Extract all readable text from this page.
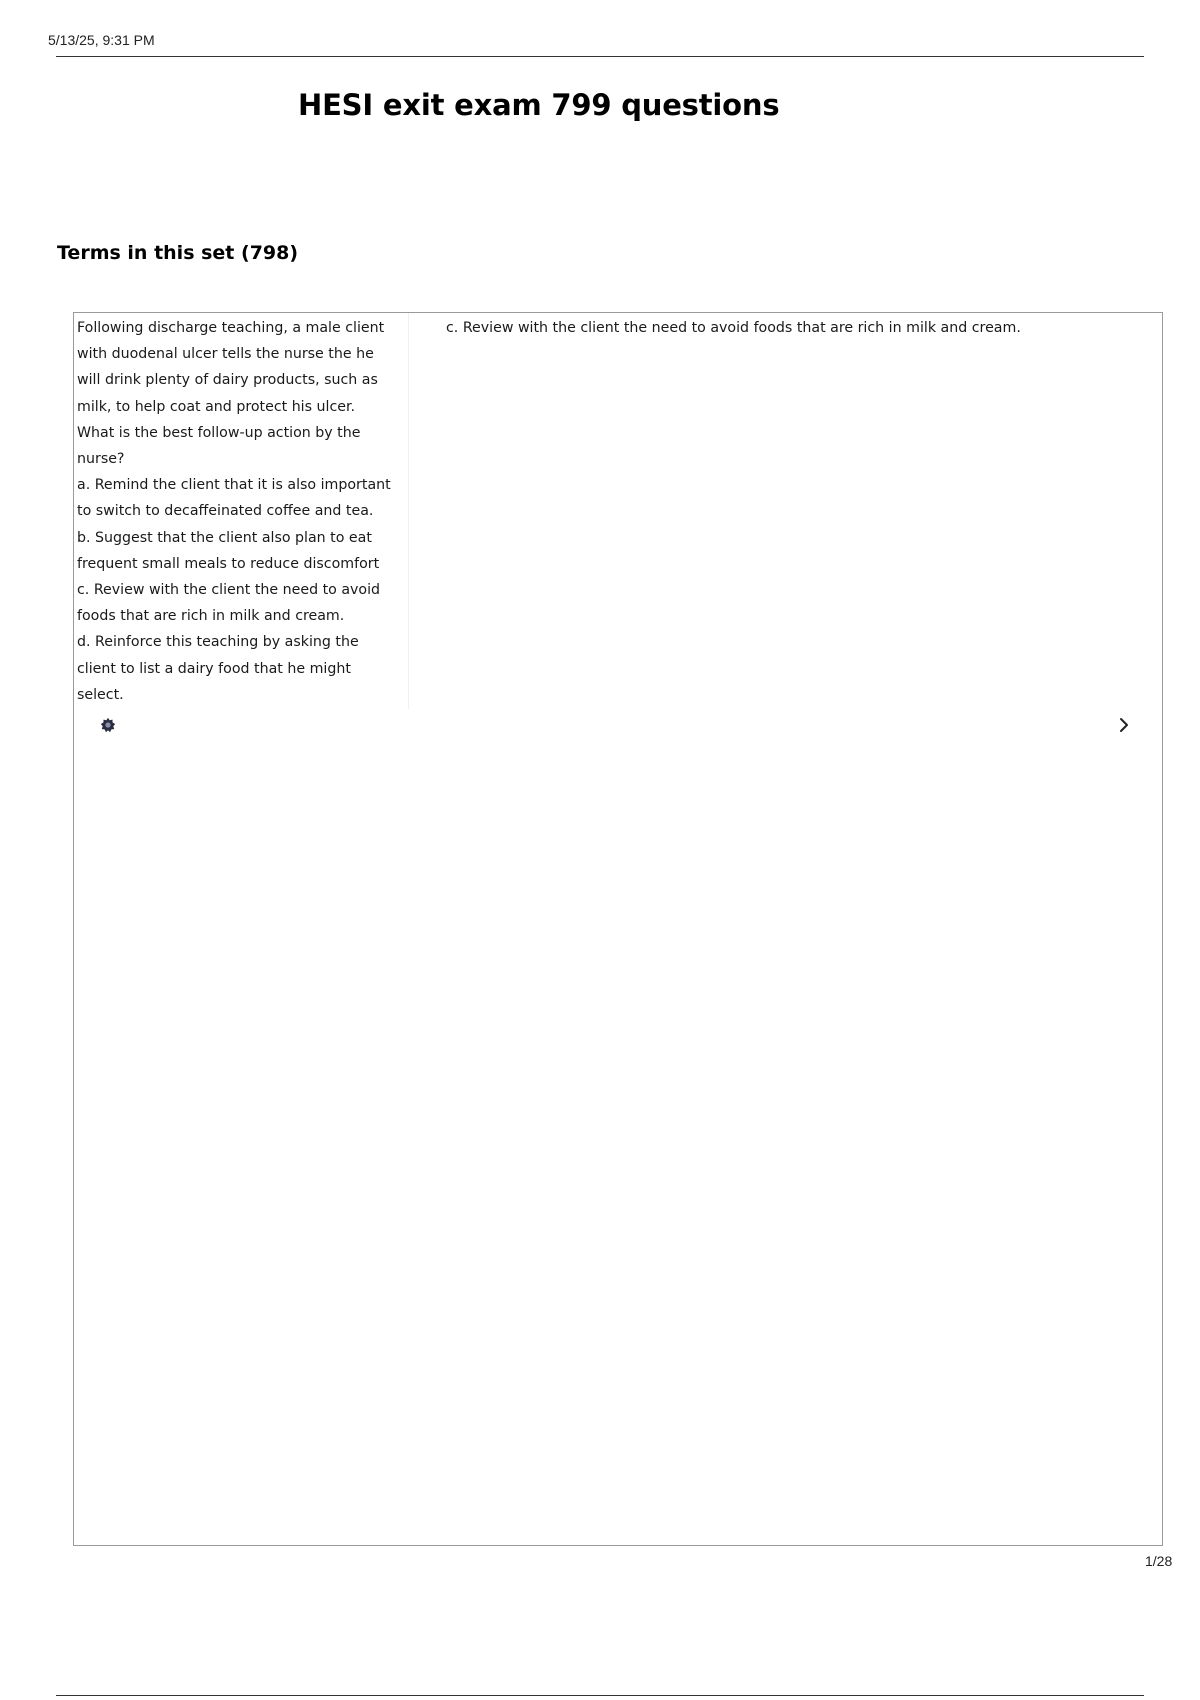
5/13/25, 9:31 PM
HESI exit exam 799 questions
Terms in this set (798)
Following discharge teaching, a male client
with duodenal ulcer tells the nurse the he
will drink plenty of dairy products, such as
milk, to help coat and protect his ulcer.
What is the best follow-up action by the
nurse?
a. Remind the client that it is also important
to switch to decaffeinated coffee and tea.
b. Suggest that the client also plan to eat
frequent small meals to reduce discomfort
c. Review with the client the need to avoid
foods that are rich in milk and cream.
d. Reinforce this teaching by asking the
client to list a dairy food that he might
select.
c. Review with the client the need to avoid foods that are rich in milk and cream.
1/28
